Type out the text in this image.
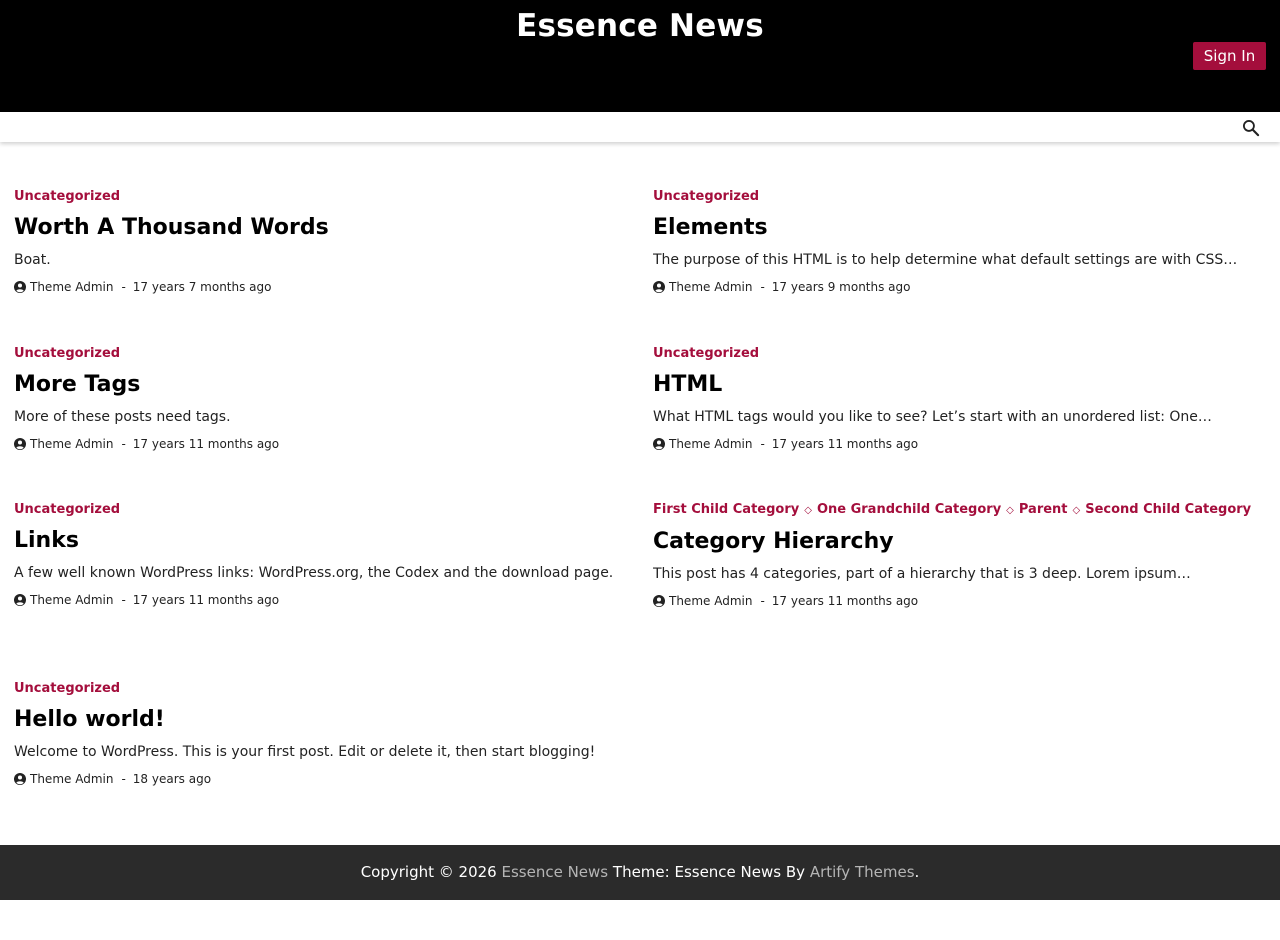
Essence News
Sign In
Uncategorized
Worth A Thousand Words
Boat.
Theme Admin - 17 years 7 months ago
Uncategorized
Elements
The purpose of this HTML is to help determine what default settings are with CSS…
Theme Admin - 17 years 9 months ago
Uncategorized
More Tags
More of these posts need tags.
Theme Admin - 17 years 11 months ago
Uncategorized
HTML
What HTML tags would you like to see? Let’s start with an unordered list: One…
Theme Admin - 17 years 11 months ago
Uncategorized
Links
A few well known WordPress links: WordPress.org, the Codex and the download page.
Theme Admin - 17 years 11 months ago
First Child Category ◇ One Grandchild Category ◇ Parent ◇ Second Child Category
Category Hierarchy
This post has 4 categories, part of a hierarchy that is 3 deep. Lorem ipsum…
Theme Admin - 17 years 11 months ago
Uncategorized
Hello world!
Welcome to WordPress. This is your first post. Edit or delete it, then start blogging!
Theme Admin - 18 years ago
Copyright © 2026 Essence News Theme: Essence News By Artify Themes.
